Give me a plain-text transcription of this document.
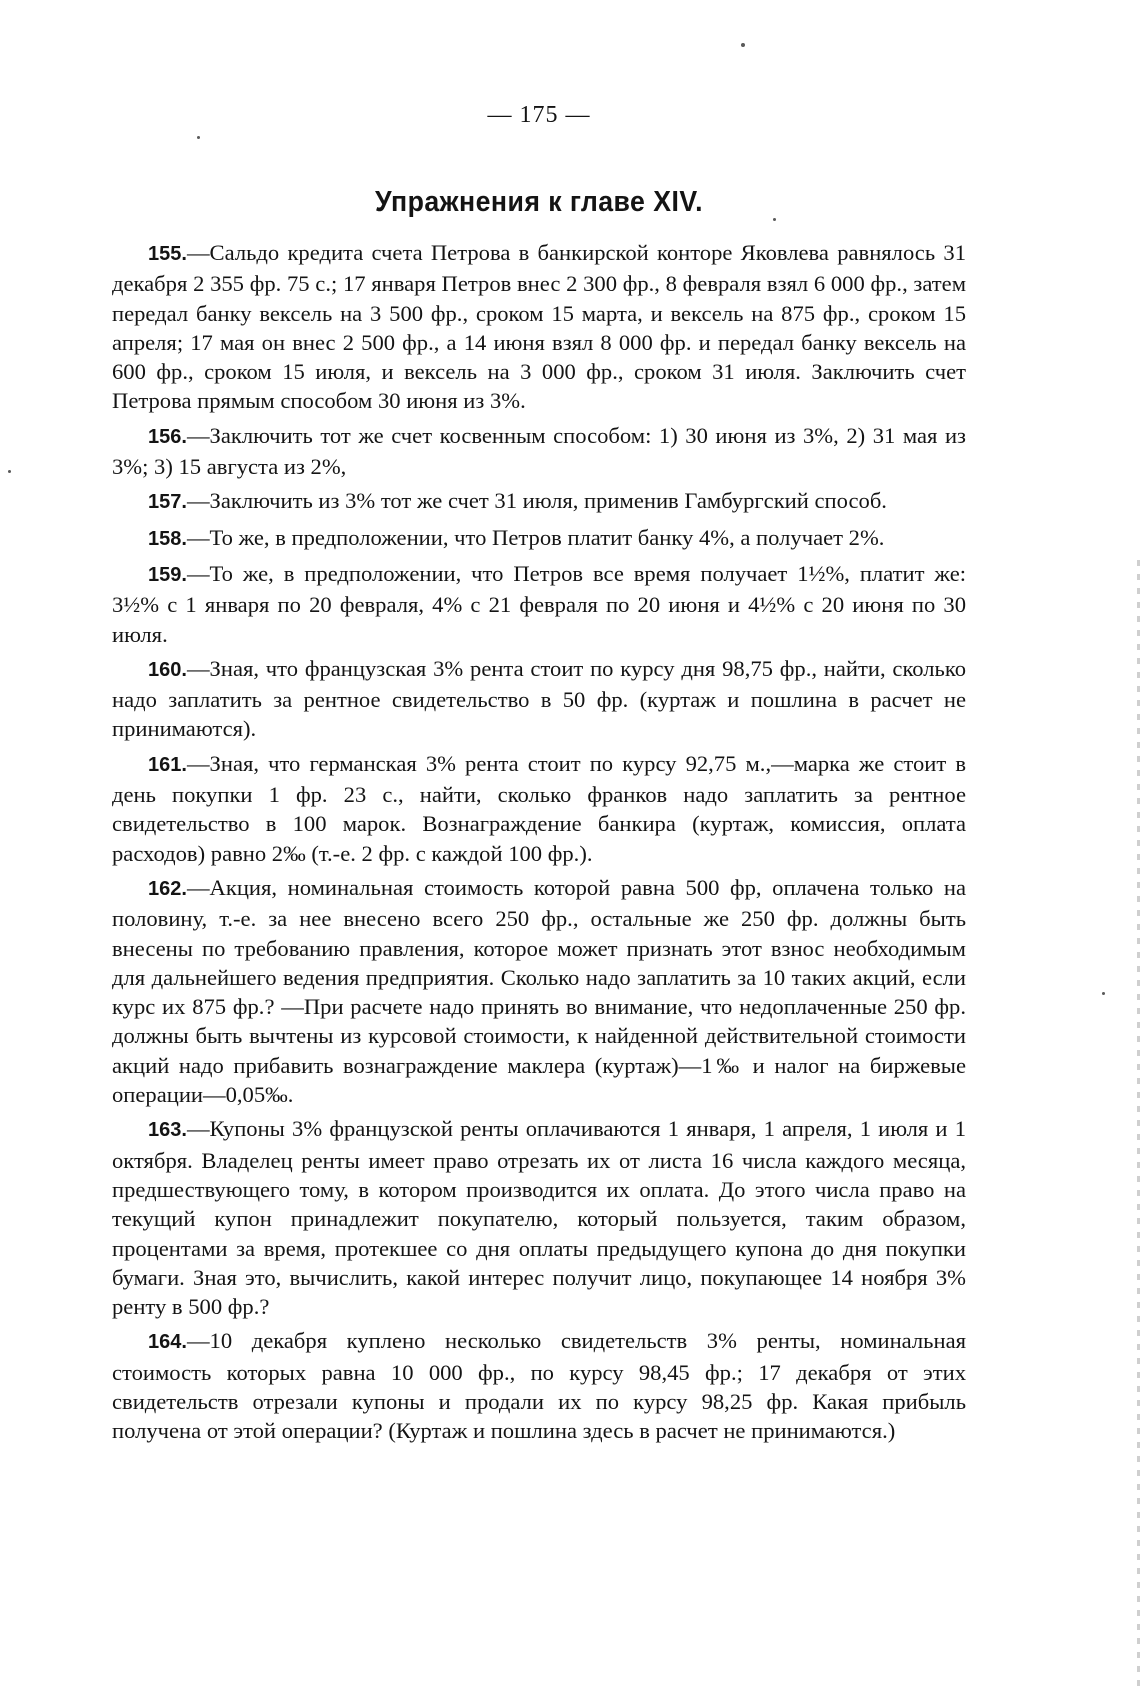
— 175 —
Упражнения к главе XIV.

155.—Сальдо кредита счета Петрова в банкирской конторе Яковлева равнялось 31 декабря 2 355 фр. 75 с.; 17 января Петров внес 2 300 фр., 8 февраля взял 6 000 фр., затем передал банку вексель на 3 500 фр., сроком 15 марта, и вексель на 875 фр., сроком 15 апреля; 17 мая он внес 2 500 фр., а 14 июня взял 8 000 фр. и передал банку вексель на 600 фр., сроком 15 июля, и вексель на 3 000 фр., сроком 31 июля. Заключить счет Петрова прямым способом 30 июня из 3%.

156.—Заключить тот же счет косвенным способом: 1) 30 июня из 3%, 2) 31 мая из 3%; 3) 15 августа из 2%,

157.—Заключить из 3% тот же счет 31 июля, применив Гамбургский способ.

158.—То же, в предположении, что Петров платит банку 4%, а получает 2%.

159.—То же, в предположении, что Петров все время получает 1½%, платит же: 3½% с 1 января по 20 февраля, 4% с 21 февраля по 20 июня и 4½% с 20 июня по 30 июля.

160.—Зная, что французская 3% рента стоит по курсу дня 98,75 фр., найти, сколько надо заплатить за рентное свидетельство в 50 фр. (куртаж и пошлина в расчет не принимаются).

161.—Зная, что германская 3% рента стоит по курсу 92,75 м.,—марка же стоит в день покупки 1 фр. 23 с., найти, сколько франков надо заплатить за рентное свидетельство в 100 марок. Вознаграждение банкира (куртаж, комиссия, оплата расходов) равно 2‰ (т.-е. 2 фр. с каждой 100 фр.).

162.—Акция, номинальная стоимость которой равна 500 фр, оплачена только на половину, т.-е. за нее внесено всего 250 фр., остальные же 250 фр. должны быть внесены по требованию правления, которое может признать этот взнос необходимым для дальнейшего ведения предприятия. Сколько надо заплатить за 10 таких акций, если курс их 875 фр.? —При расчете надо принять во внимание, что недоплаченные 250 фр. должны быть вычтены из курсовой стоимости, к найденной действительной стоимости акций надо прибавить вознаграждение маклера (куртаж)—1‰ и налог на биржевые операции—0,05‰.

163.—Купоны 3% французской ренты оплачиваются 1 января, 1 апреля, 1 июля и 1 октября. Владелец ренты имеет право отрезать их от листа 16 числа каждого месяца, предшествующего тому, в котором производится их оплата. До этого числа право на текущий купон принадлежит покупателю, который пользуется, таким образом, процентами за время, протекшее со дня оплаты предыдущего купона до дня покупки бумаги. Зная это, вычислить, какой интерес получит лицо, покупающее 14 ноября 3% ренту в 500 фр.?

164.—10 декабря куплено несколько свидетельств 3% ренты, номинальная стоимость которых равна 10 000 фр., по курсу 98,45 фр.; 17 декабря от этих свидетельств отрезали купоны и продали их по курсу 98,25 фр. Какая прибыль получена от этой операции? (Куртаж и пошлина здесь в расчет не принимаются.)
